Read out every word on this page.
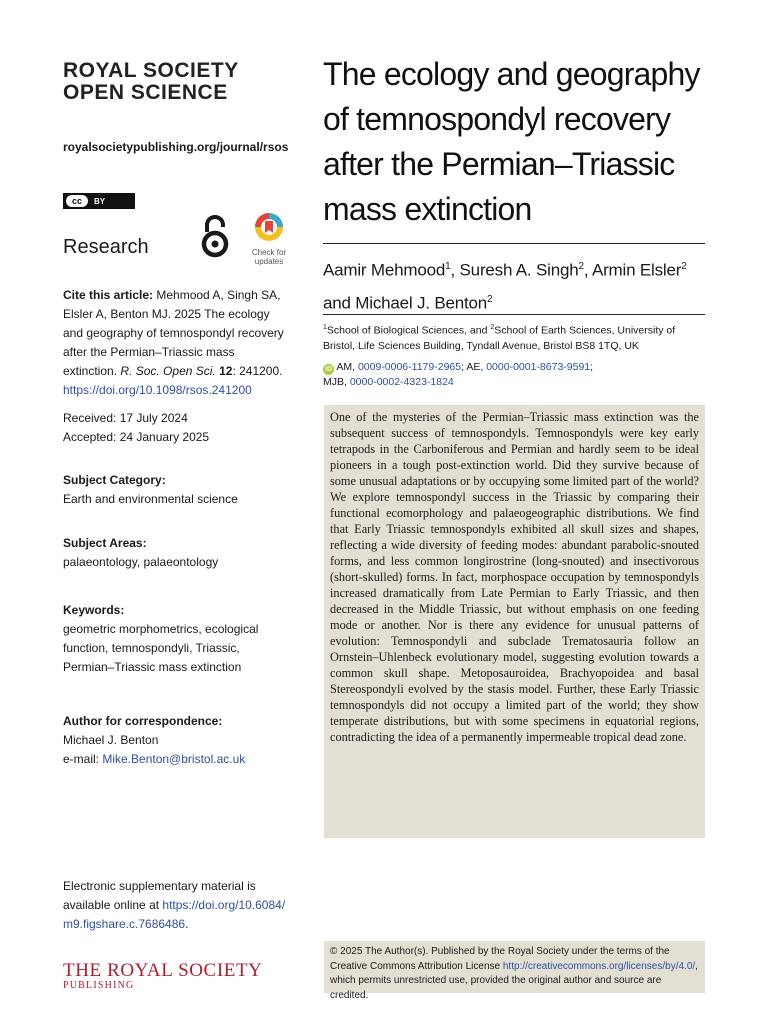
ROYAL SOCIETY
OPEN SCIENCE
royalsocietypublishing.org/journal/rsos
cc	BY
Research	Check for updates
Cite this article: Mehmood A, Singh SA, Elsler A, Benton MJ. 2025 The ecology and geography of temnospondyl recovery after the Permian–Triassic mass extinction. R. Soc. Open Sci. 12: 241200.
https://doi.org/10.1098/rsos.241200
Received: 17 July 2024
Accepted: 24 January 2025
Subject Category:
Earth and environmental science
Subject Areas:
palaeontology, palaeontology
Keywords:
geometric morphometrics, ecological function, temnospondyli, Triassic, Permian–Triassic mass extinction
Author for correspondence:
Michael J. Benton
e-mail: Mike.Benton@bristol.ac.uk
Electronic supplementary material is available online at https://doi.org/10.6084/m9.figshare.c.7686486.
THE ROYAL SOCIETY
PUBLISHING
The ecology and geography of temnospondyl recovery after the Permian–Triassic mass extinction
Aamir Mehmood$^1$, Suresh A. Singh$^2$, Armin Elsler$^2$ and Michael J. Benton$^2$
$^1$School of Biological Sciences, and $^2$School of Earth Sciences, University of Bristol, Life Sciences Building, Tyndall Avenue, Bristol BS8 1TQ, UK
iD AM, 0009-0006-1179-2965; AE, 0000-0001-8673-9591;
MJB, 0000-0002-4323-1824
One of the mysteries of the Permian–Triassic mass extinction was the subsequent success of temnospondyls. Temnospondyls were key early tetrapods in the Carboniferous and Permian and hardly seem to be ideal pioneers in a tough post-extinction world. Did they survive because of some unusual adaptations or by occupying some limited part of the world? We explore temnospondyl success in the Triassic by comparing their functional ecomorphology and palaeogeographic distributions. We find that Early Triassic temnospondyls exhibited all skull sizes and shapes, reflecting a wide diversity of feeding modes: abundant parabolic-snouted forms, and less common longirostrine (long-snouted) and insectivorous (short-skulled) forms. In fact, morphospace occupation by temnospondyls increased dramatically from Late Permian to Early Triassic, and then decreased in the Middle Triassic, but without emphasis on one feeding mode or another. Nor is there any evidence for unusual patterns of evolution: Temnospondyli and subclade Trematosauria follow an Ornstein–Uhlenbeck evolutionary model, suggesting evolution towards a common skull shape. Metoposauroidea, Brachyopoidea and basal Stereospondyli evolved by the stasis model. Further, these Early Triassic temnospondyls did not occupy a limited part of the world; they show temperate distributions, but with some specimens in equatorial regions, contradicting the idea of a permanently impermeable tropical dead zone.
© 2025 The Author(s). Published by the Royal Society under the terms of the Creative Commons Attribution License http://creativecommons.org/licenses/by/4.0/, which permits unrestricted use, provided the original author and source are credited.
